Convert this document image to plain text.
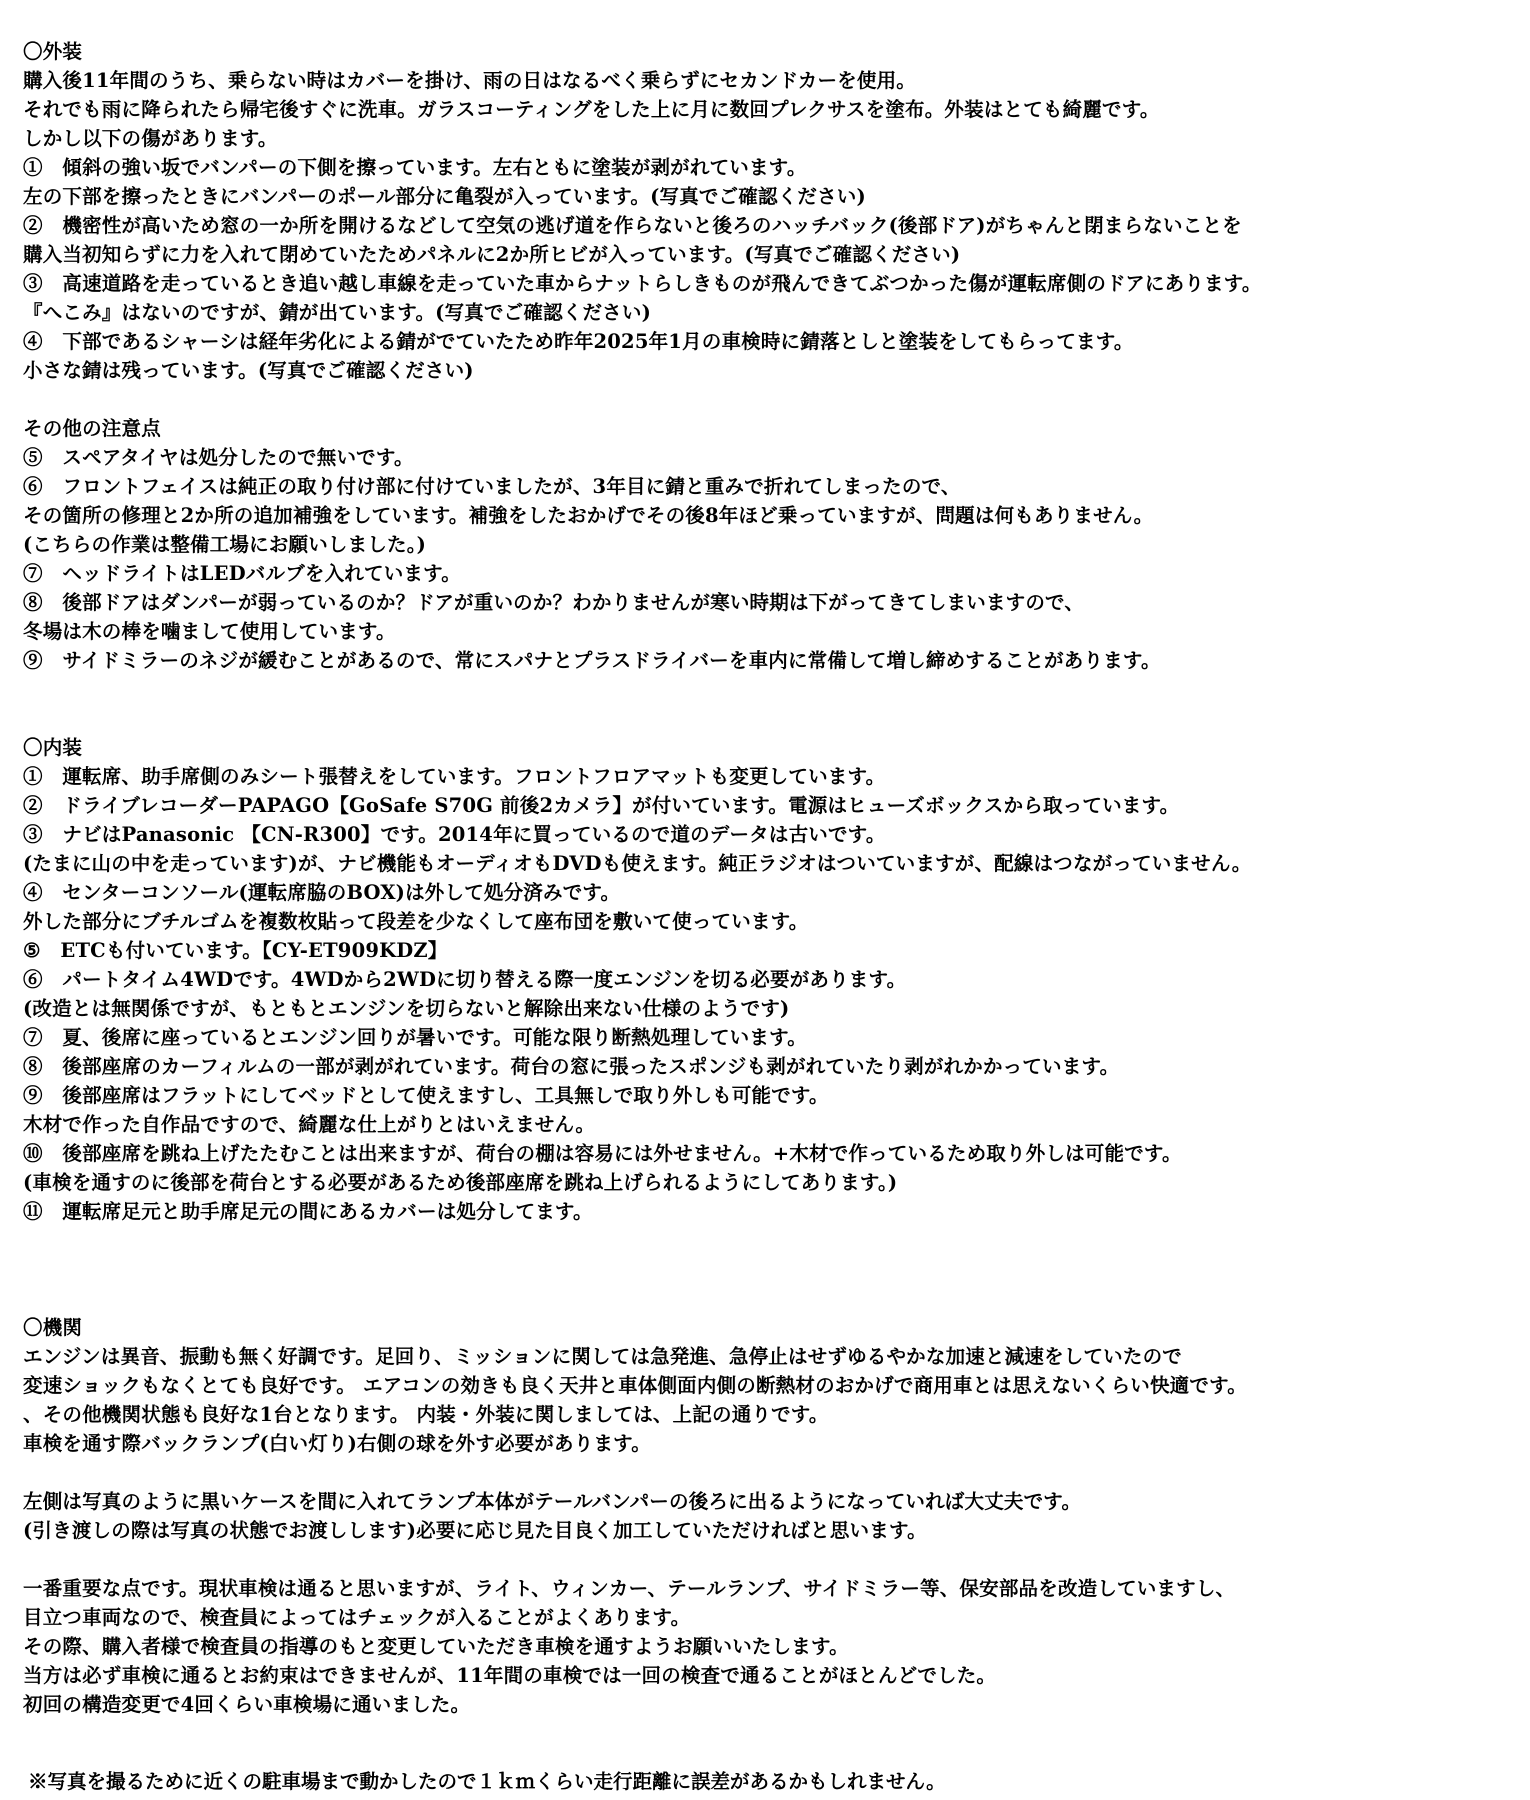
〇外装
購入後11年間のうち、乗らない時はカバーを掛け、雨の日はなるべく乗らずにセカンドカーを使用。
それでも雨に降られたら帰宅後すぐに洗車。ガラスコーティングをした上に月に数回プレクサスを塗布。外装はとても綺麗です。
しかし以下の傷があります。
①　傾斜の強い坂でバンパーの下側を擦っています。左右ともに塗装が剥がれています。
左の下部を擦ったときにバンパーのポール部分に亀裂が入っています。(写真でご確認ください)
②　機密性が高いため窓の一か所を開けるなどして空気の逃げ道を作らないと後ろのハッチバック(後部ドア)がちゃんと閉まらないことを
購入当初知らずに力を入れて閉めていたためパネルに2か所ヒビが入っています。(写真でご確認ください)
③　高速道路を走っているとき追い越し車線を走っていた車からナットらしきものが飛んできてぶつかった傷が運転席側のドアにあります。
『へこみ』はないのですが、錆が出ています。(写真でご確認ください)
④　下部であるシャーシは経年劣化による錆がでていたため昨年2025年1月の車検時に錆落としと塗装をしてもらってます。
小さな錆は残っています。(写真でご確認ください)
その他の注意点
⑤　スペアタイヤは処分したので無いです。
⑥　フロントフェイスは純正の取り付け部に付けていましたが、3年目に錆と重みで折れてしまったので、
その箇所の修理と2か所の追加補強をしています。補強をしたおかげでその後8年ほど乗っていますが、問題は何もありません。
(こちらの作業は整備工場にお願いしました。)
⑦　ヘッドライトはLEDバルブを入れています。
⑧　後部ドアはダンパーが弱っているのか？ドアが重いのか？わかりませんが寒い時期は下がってきてしまいますので、
冬場は木の棒を噛まして使用しています。
⑨　サイドミラーのネジが緩むことがあるので、常にスパナとプラスドライバーを車内に常備して増し締めすることがあります。
〇内装
①　運転席、助手席側のみシート張替えをしています。フロントフロアマットも変更しています。
②　ドライブレコーダーPAPAGO【GoSafe S70G 前後2カメラ】が付いています。電源はヒューズボックスから取っています。
③　ナビはPanasonic 【CN-R300】です。2014年に買っているので道のデータは古いです。
(たまに山の中を走っています)が、ナビ機能もオーディオもDVDも使えます。純正ラジオはついていますが、配線はつながっていません。
④　センターコンソール(運転席脇のBOX)は外して処分済みです。
外した部分にブチルゴムを複数枚貼って段差を少なくして座布団を敷いて使っています。
⑤　ETCも付いています。【CY-ET909KDZ】
⑥　パートタイム4WDです。4WDから2WDに切り替える際一度エンジンを切る必要があります。
(改造とは無関係ですが、もともとエンジンを切らないと解除出来ない仕様のようです)
⑦　夏、後席に座っているとエンジン回りが暑いです。可能な限り断熱処理しています。
⑧　後部座席のカーフィルムの一部が剥がれています。荷台の窓に張ったスポンジも剥がれていたり剥がれかかっています。
⑨　後部座席はフラットにしてベッドとして使えますし、工具無しで取り外しも可能です。
木材で作った自作品ですので、綺麗な仕上がりとはいえません。
⑩　後部座席を跳ね上げたたむことは出来ますが、荷台の棚は容易には外せません。+木材で作っているため取り外しは可能です。
(車検を通すのに後部を荷台とする必要があるため後部座席を跳ね上げられるようにしてあります。)
⑪　運転席足元と助手席足元の間にあるカバーは処分してます。
〇機関
エンジンは異音、振動も無く好調です。足回り、ミッションに関しては急発進、急停止はせずゆるやかな加速と減速をしていたので
変速ショックもなくとても良好です。 エアコンの効きも良く天井と車体側面内側の断熱材のおかげで商用車とは思えないくらい快適です。
、その他機関状態も良好な1台となります。 内装・外装に関しましては、上記の通りです。
車検を通す際バックランプ(白い灯り)右側の球を外す必要があります。
左側は写真のように黒いケースを間に入れてランプ本体がテールバンパーの後ろに出るようになっていれば大丈夫です。
(引き渡しの際は写真の状態でお渡しします)必要に応じ見た目良く加工していただければと思います。
一番重要な点です。現状車検は通ると思いますが、ライト、ウィンカー、テールランプ、サイドミラー等、保安部品を改造していますし、
目立つ車両なので、検査員によってはチェックが入ることがよくあります。
その際、購入者様で検査員の指導のもと変更していただき車検を通すようお願いいたします。
当方は必ず車検に通るとお約束はできませんが、11年間の車検では一回の検査で通ることがほとんどでした。
初回の構造変更で4回くらい車検場に通いました。
※写真を撮るために近くの駐車場まで動かしたので１ｋｍくらい走行距離に誤差があるかもしれません。
